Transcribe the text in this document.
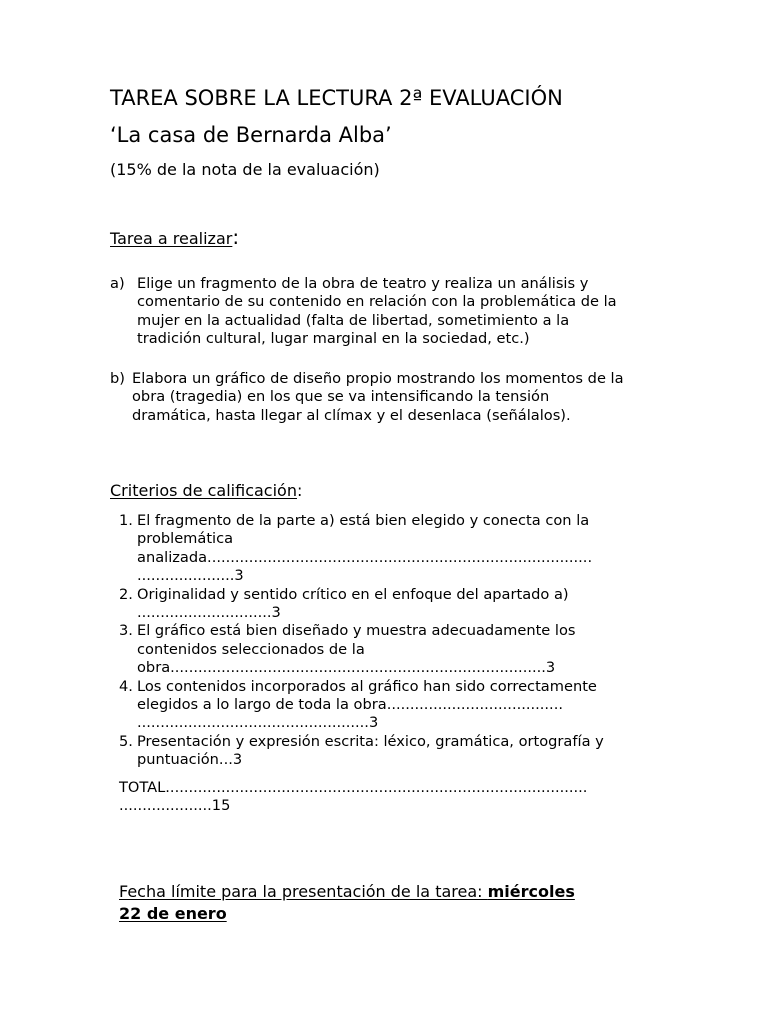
TAREA SOBRE LA LECTURA 2ª EVALUACIÓN
‘La casa de Bernarda Alba’

(15% de la nota de la evaluación)

Tarea a realizar:
a) Elige un fragmento de la obra de teatro y realiza un análisis y
comentario de su contenido en relación con la problemática de la
mujer en la actualidad (falta de libertad, sometimiento a la
tradición cultural, lugar marginal en la sociedad, etc.)
b) Elabora un gráfico de diseño propio mostrando los momentos de la
obra (tragedia) en los que se va intensificando la tensión
dramática, hasta llegar al clímax y el desenlaca (señálalos).
Criterios de calificación:
1. El fragmento de la parte a) está bien elegido y conecta con la
problemática
analizada...................................................................................
.....................3
2. Originalidad y sentido crítico en el enfoque del apartado a)
.............................3
3. El gráfico está bien diseñado y muestra adecuadamente los
contenidos seleccionados de la
obra.................................................................................3
4. Los contenidos incorporados al gráfico han sido correctamente
elegidos a lo largo de toda la obra......................................
..................................................3
5. Presentación y expresión escrita: léxico, gramática, ortografía y
puntuación...3
TOTAL...........................................................................................
....................15
Fecha límite para la presentación de la tarea: miércoles
22 de enero
